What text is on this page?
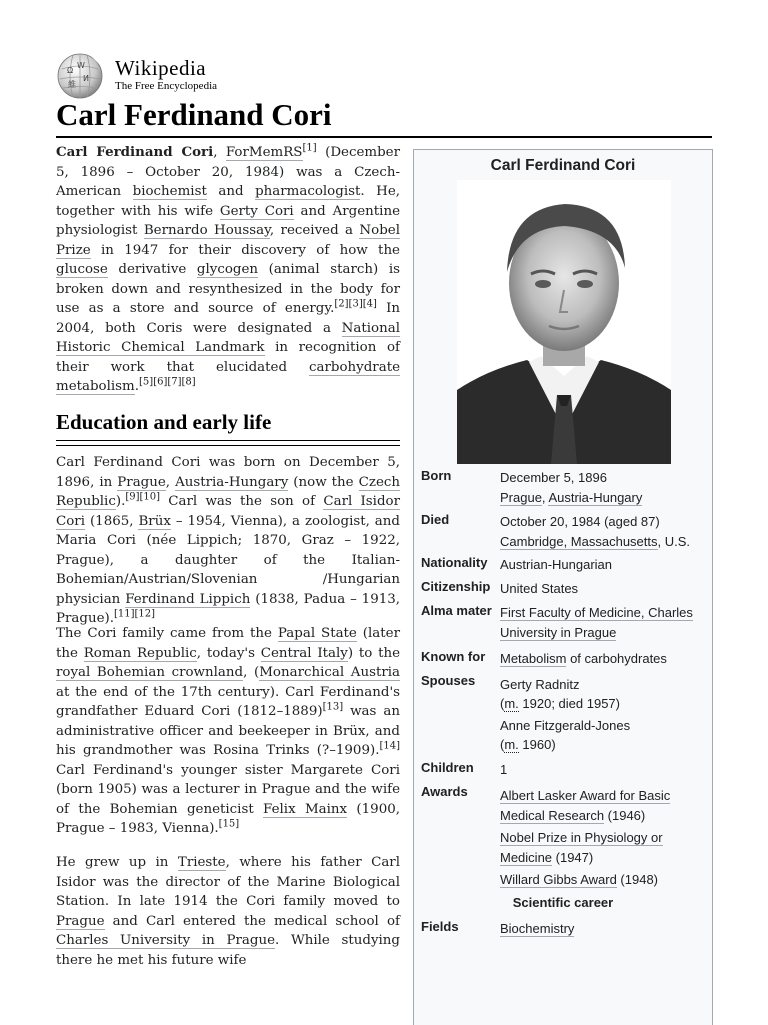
Ω
W
И
維
Wikipedia
The Free Encyclopedia
Carl Ferdinand Cori

Carl Ferdinand Cori, ForMemRS[1] (December 5, 1896 – October 20, 1984) was a Czech-American biochemist and pharmacologist. He, together with his wife Gerty Cori and Argentine physiologist Bernardo Houssay, received a Nobel Prize in 1947 for their discovery of how the glucose derivative glycogen (animal starch) is broken down and resynthesized in the body for use as a store and source of energy.[2][3][4] In 2004, both Coris were designated a National Historic Chemical Landmark in recognition of their work that elucidated carbohydrate metabolism.[5][6][7][8]

Education and early life

Carl Ferdinand Cori was born on December 5, 1896, in Prague, Austria-Hungary (now the Czech Republic).[9][10] Carl was the son of Carl Isidor Cori (1865, Brüx – 1954, Vienna), a zoologist, and Maria Cori (née Lippich; 1870, Graz – 1922, Prague), a daughter of the Italian-Bohemian/Austrian/Slovenian /Hungarian physician Ferdinand Lippich (1838, Padua – 1913, Prague).[11][12]

The Cori family came from the Papal State (later the Roman Republic, today's Central Italy) to the royal Bohemian crownland, (Monarchical Austria at the end of the 17th century). Carl Ferdinand's grandfather Eduard Cori (1812–1889)[13] was an administrative officer and beekeeper in Brüx, and his grandmother was Rosina Trinks (?–1909).[14] Carl Ferdinand's younger sister Margarete Cori (born 1905) was a lecturer in Prague and the wife of the Bohemian geneticist Felix Mainx (1900, Prague – 1983, Vienna).[15]

He grew up in Trieste, where his father Carl Isidor was the director of the Marine Biological Station. In late 1914 the Cori family moved to Prague and Carl entered the medical school of Charles University in Prague. While studying there he met his future wife

Carl Ferdinand Cori
Born	December 5, 1896
Prague, Austria-Hungary
Died	October 20, 1984 (aged 87)
Cambridge, Massachusetts, U.S.
Nationality Austrian-Hungarian
Citizenship United States
Alma mater First Faculty of Medicine, Charles
University in Prague
Known for	Metabolism of carbohydrates
Spouses	Gerty Radnitz
(m. 1920; died 1957)
Anne Fitzgerald-Jones
(m. 1960)
Children	1
Awards	Albert Lasker Award for Basic
Medical Research (1946)
Nobel Prize in Physiology or
Medicine (1947)
Willard Gibbs Award (1948)
Scientific career
Fields	Biochemistry
